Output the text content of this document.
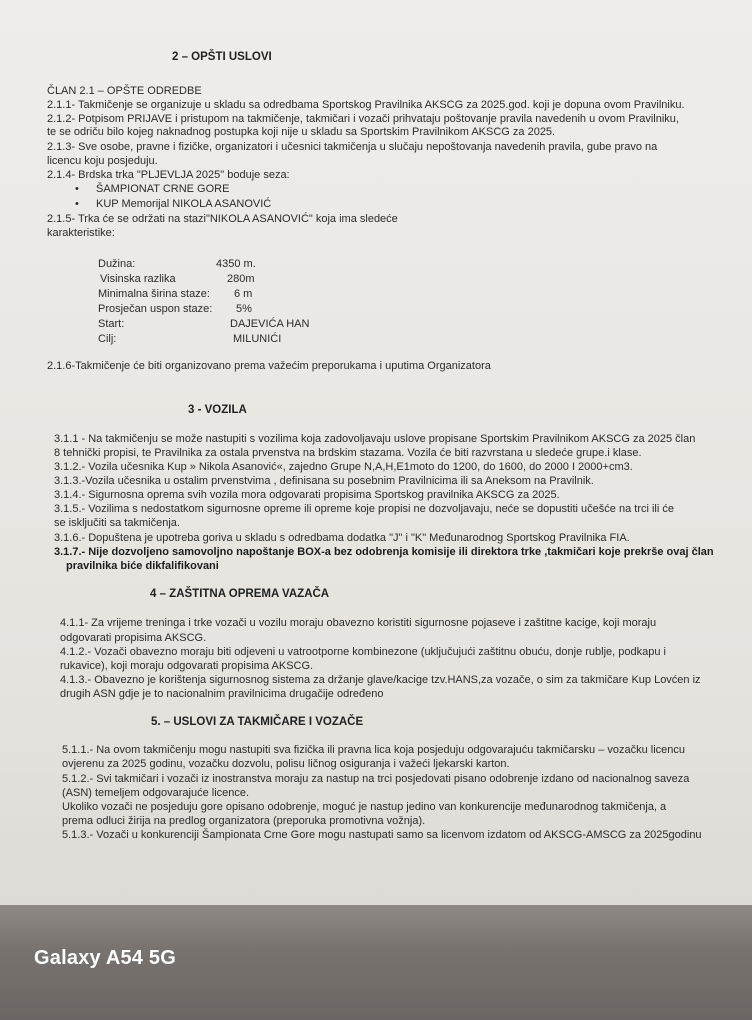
2 – OPŠTI USLOVI
ČLAN 2.1 – OPŠTE ODREDBE
2.1.1- Takmičenje se organizuje u skladu sa odredbama Sportskog Pravilnika AKSCG za 2025.god. koji je dopuna ovom Pravilniku.
2.1.2- Potpisom PRIJAVE i pristupom na takmičenje, takmičari i vozači prihvataju poštovanje pravila navedenih u ovom Pravilniku,
te se odriču bilo kojeg naknadnog postupka koji nije u skladu sa Sportskim Pravilnikom AKSCG za 2025.
2.1.3- Sve osobe, pravne i fizičke, organizatori i učesnici takmičenja u slučaju nepoštovanja navedenih pravila, gube pravo na
licencu koju posjeduju.
2.1.4- Brdska trka "PLJEVLJA 2025" boduje seza:
• ŠAMPIONAT CRNE GORE
• KUP Memorijal NIKOLA ASANOVIĆ
2.1.5- Trka će se održati na stazi"NIKOLA ASANOVIĆ" koja ima sledeće
karakteristike:
Dužina:	4350 m.
Visinska razlika	280m
Minimalna širina staze: 6 m
Prosječan uspon staze: 5%
Start:	DAJEVIĆA HAN
Cilj:	MILUNIĆI
2.1.6-Takmičenje će biti organizovano prema važećim preporukama i uputima Organizatora
3 - VOZILA
3.1.1 - Na takmičenju se može nastupiti s vozilima koja zadovoljavaju uslove propisane Sportskim Pravilnikom AKSCG za 2025 član
8 tehnički propisi, te Pravilnika za ostala prvenstva na brdskim stazama. Vozila će biti razvrstana u sledeće grupe.i klase.
3.1.2.- Vozila učesnika Kup » Nikola Asanović«, zajedno Grupe N,A,H,E1moto do 1200, do 1600, do 2000 I 2000+cm3.
3.1.3.-Vozila učesnika u ostalim prvenstvima , definisana su posebnim Pravilnicima ili sa Aneksom na Pravilnik.
3.1.4.- Sigurnosna oprema svih vozila mora odgovarati propisima Sportskog pravilnika AKSCG za 2025.
3.1.5.- Vozilima s nedostatkom sigurnosne opreme ili opreme koje propisi ne dozvoljavaju, neće se dopustiti učešće na trci ili će
se isključiti sa takmičenja.
3.1.6.- Dopuštena je upotreba goriva u skladu s odredbama dodatka "J" i "K" Međunarodnog Sportskog Pravilnika FIA.
3.1.7.- Nije dozvoljeno samovoljno napoštanje BOX-a bez odobrenja komisije ili direktora trke ,takmičari koje prekrše ovaj član
pravilnika biće dikfalifikovani
4 – ZAŠTITNA OPREMA VAZAČA
4.1.1- Za vrijeme treninga i trke vozači u vozilu moraju obavezno koristiti sigurnosne pojaseve i zaštitne kacige, koji moraju
odgovarati propisima AKSCG.
4.1.2.- Vozači obavezno moraju biti odjeveni u vatrootporne kombinezone (uključujući zaštitnu obuću, donje rublje, podkapu i
rukavice), koji moraju odgovarati propisima AKSCG.
4.1.3.- Obavezno je korištenja sigurnosnog sistema za držanje glave/kacige tzv.HANS,za vozače, o sim za takmičare Kup Lovćen iz
drugih ASN gdje je to nacionalnim pravilnicima drugačije određeno
5. – USLOVI ZA TAKMIČARE I VOZAČE
5.1.1.- Na ovom takmičenju mogu nastupiti sva fizička ili pravna lica koja posjeduju odgovarajuću takmičarsku – vozačku licencu
ovjerenu za 2025 godinu, vozačku dozvolu, polisu ličnog osiguranja i važeći ljekarski karton.
5.1.2.- Svi takmičari i vozači iz inostranstva moraju za nastup na trci posjedovati pisano odobrenje izdano od nacionalnog saveza
(ASN) temeljem odgovarajuće licence.
Ukoliko vozači ne posjeduju gore opisano odobrenje, moguć je nastup jedino van konkurencije međunarodnog takmičenja, a
prema odluci žirija na predlog organizatora (preporuka promotivna vožnja).
5.1.3.- Vozači u konkurenciji Šampionata Crne Gore mogu nastupati samo sa licenvom izdatom od AKSCG-AMSCG za 2025godinu
Galaxy A54 5G
